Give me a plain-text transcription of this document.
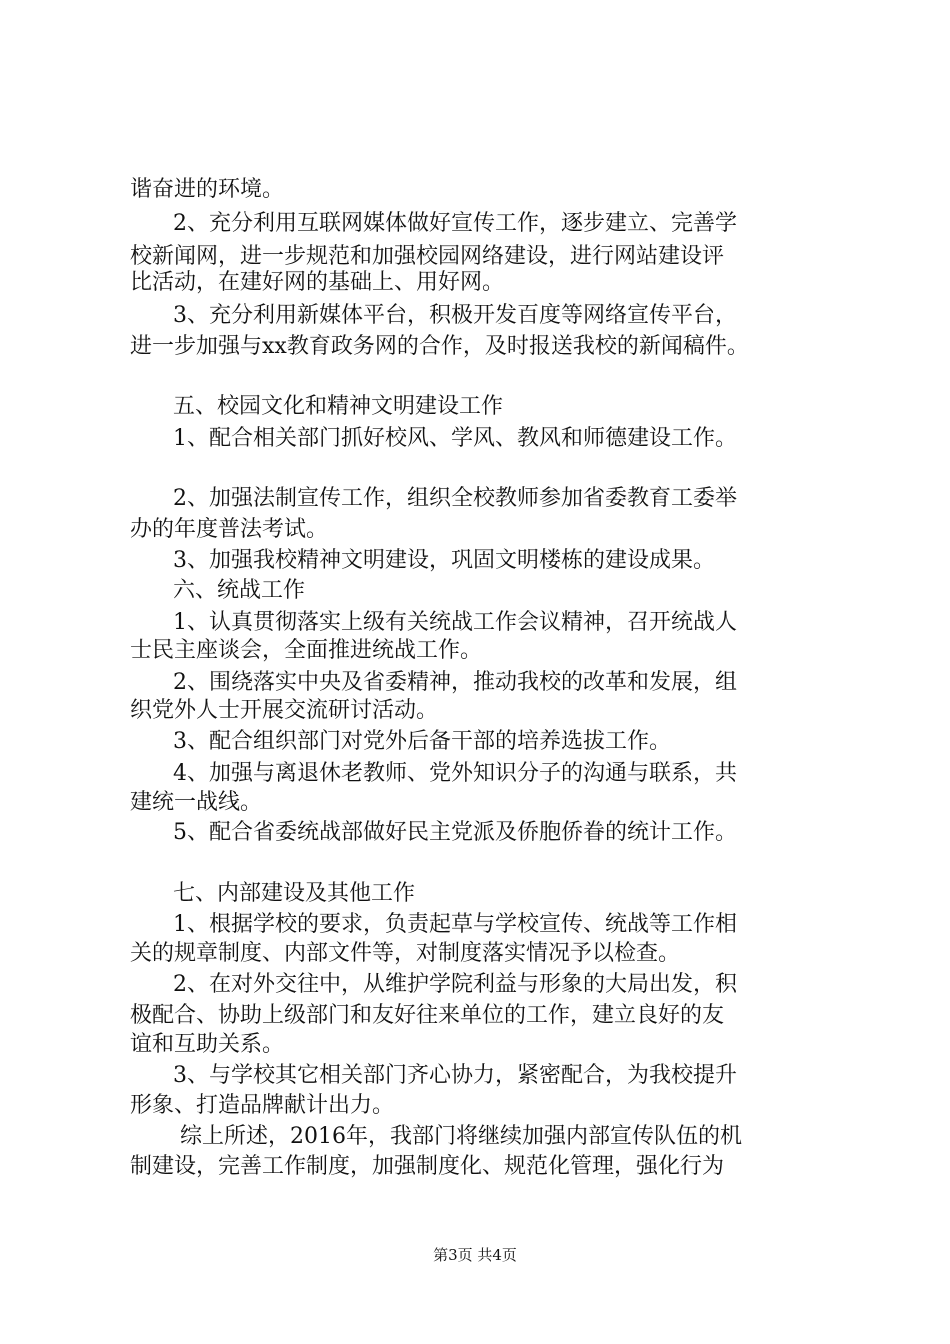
谐奋进的环境。
2、充分利用互联网媒体做好宣传工作，逐步建立、完善学
校新闻网，进一步规范和加强校园网络建设，进行网站建设评
比活动，在建好网的基础上、用好网。
3、充分利用新媒体平台，积极开发百度等网络宣传平台，
进一步加强与xx教育政务网的合作，及时报送我校的新闻稿件。
五、校园文化和精神文明建设工作
1、配合相关部门抓好校风、学风、教风和师德建设工作。
2、加强法制宣传工作，组织全校教师参加省委教育工委举
办的年度普法考试。
3、加强我校精神文明建设，巩固文明楼栋的建设成果。
六、统战工作
1、认真贯彻落实上级有关统战工作会议精神，召开统战人
士民主座谈会，全面推进统战工作。
2、围绕落实中央及省委精神，推动我校的改革和发展，组
织党外人士开展交流研讨活动。
3、配合组织部门对党外后备干部的培养选拔工作。
4、加强与离退休老教师、党外知识分子的沟通与联系，共
建统一战线。
5、配合省委统战部做好民主党派及侨胞侨眷的统计工作。
七、内部建设及其他工作
1、根据学校的要求，负责起草与学校宣传、统战等工作相
关的规章制度、内部文件等，对制度落实情况予以检查。
2、在对外交往中，从维护学院利益与形象的大局出发，积
极配合、协助上级部门和友好往来单位的工作，建立良好的友
谊和互助关系。
3、与学校其它相关部门齐心协力，紧密配合，为我校提升
形象、打造品牌献计出力。
综上所述，2016年，我部门将继续加强内部宣传队伍的机
制建设，完善工作制度，加强制度化、规范化管理，强化行为
第3页 共4页
